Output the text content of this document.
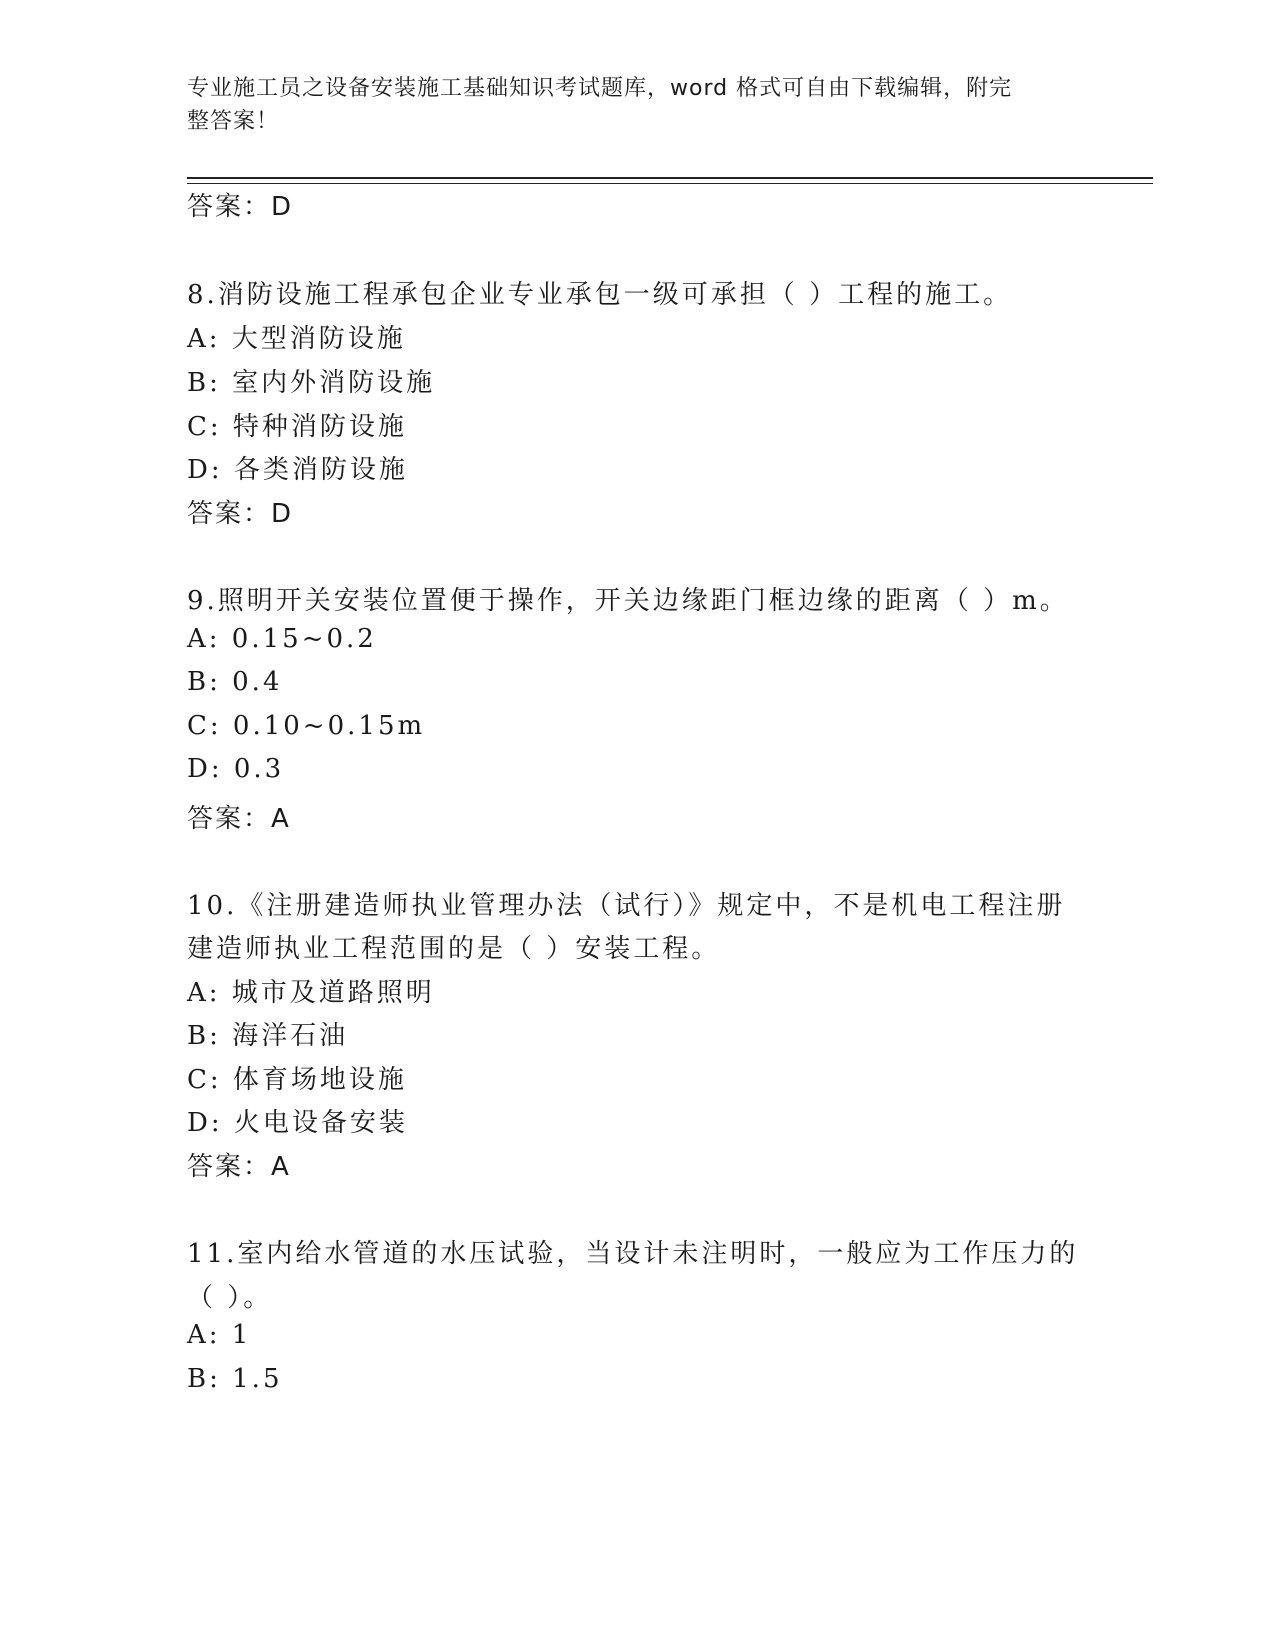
专业施工员之设备安装施工基础知识考试题库，word 格式可自由下载编辑，附完
整答案！
答案：D
8.消防设施工程承包企业专业承包一级可承担（ ）工程的施工。
A: 大型消防设施
B: 室内外消防设施
C: 特种消防设施
D: 各类消防设施
答案：D
9.照明开关安装位置便于操作，开关边缘距门框边缘的距离（ ）m。
A: 0.15~0.2
B: 0.4
C: 0.10~0.15m
D: 0.3
答案：A
10.《注册建造师执业管理办法（试行）》规定中，不是机电工程注册
建造师执业工程范围的是（ ）安装工程。
A: 城市及道路照明
B: 海洋石油
C: 体育场地设施
D: 火电设备安装
答案：A
11.室内给水管道的水压试验，当设计未注明时，一般应为工作压力的
（ ）。
A: 1
B: 1.5
